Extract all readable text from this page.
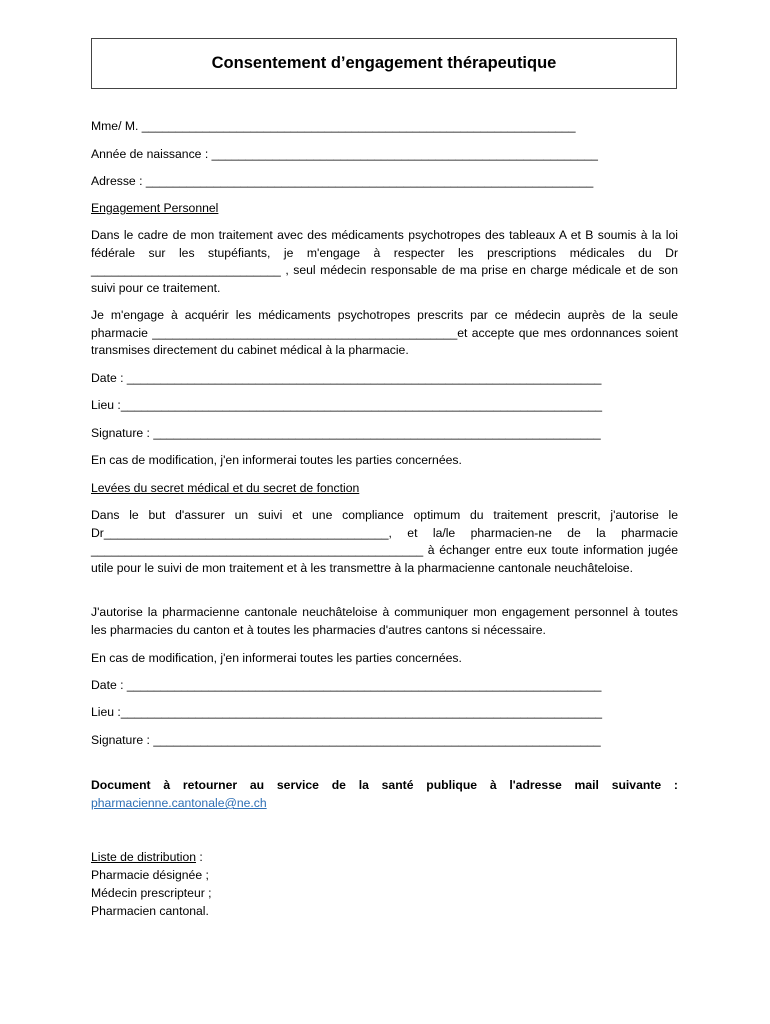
Consentement d’engagement thérapeutique
Mme/ M. ________________________________________________________________
Année de naissance : _________________________________________________________
Adresse : __________________________________________________________________
Engagement Personnel

Dans le cadre de mon traitement avec des médicaments psychotropes des tableaux A et B soumis à la loi fédérale sur les stupéfiants, je m'engage à respecter les prescriptions médicales du Dr ____________________________ , seul médecin responsable de ma prise en charge médicale et de son suivi pour ce traitement.

Je m'engage à acquérir les médicaments psychotropes prescrits par ce médecin auprès de la seule pharmacie _____________________________________________et accepte que mes ordonnances soient transmises directement du cabinet médical à la pharmacie.

Date : ______________________________________________________________________
Lieu :_______________________________________________________________________
Signature : __________________________________________________________________
En cas de modification, j'en informerai toutes les parties concernées.
Levées du secret médical et du secret de fonction

Dans le but d'assurer un suivi et une compliance optimum du traitement prescrit, j'autorise le Dr__________________________________________, et la/le pharmacien-ne de la pharmacie _________________________________________________ à échanger entre eux toute information jugée utile pour le suivi de mon traitement et à les transmettre à la pharmacienne cantonale neuchâteloise.

J'autorise la pharmacienne cantonale neuchâteloise à communiquer mon engagement personnel à toutes les pharmacies du canton et à toutes les pharmacies d'autres cantons si nécessaire.

En cas de modification, j'en informerai toutes les parties concernées.
Date : ______________________________________________________________________
Lieu :_______________________________________________________________________
Signature : __________________________________________________________________

Document à retourner au service de la santé publique à l'adresse mail suivante :

pharmacienne.cantonale@ne.ch
Liste de distribution :
Pharmacie désignée ;
Médecin prescripteur ;
Pharmacien cantonal.
